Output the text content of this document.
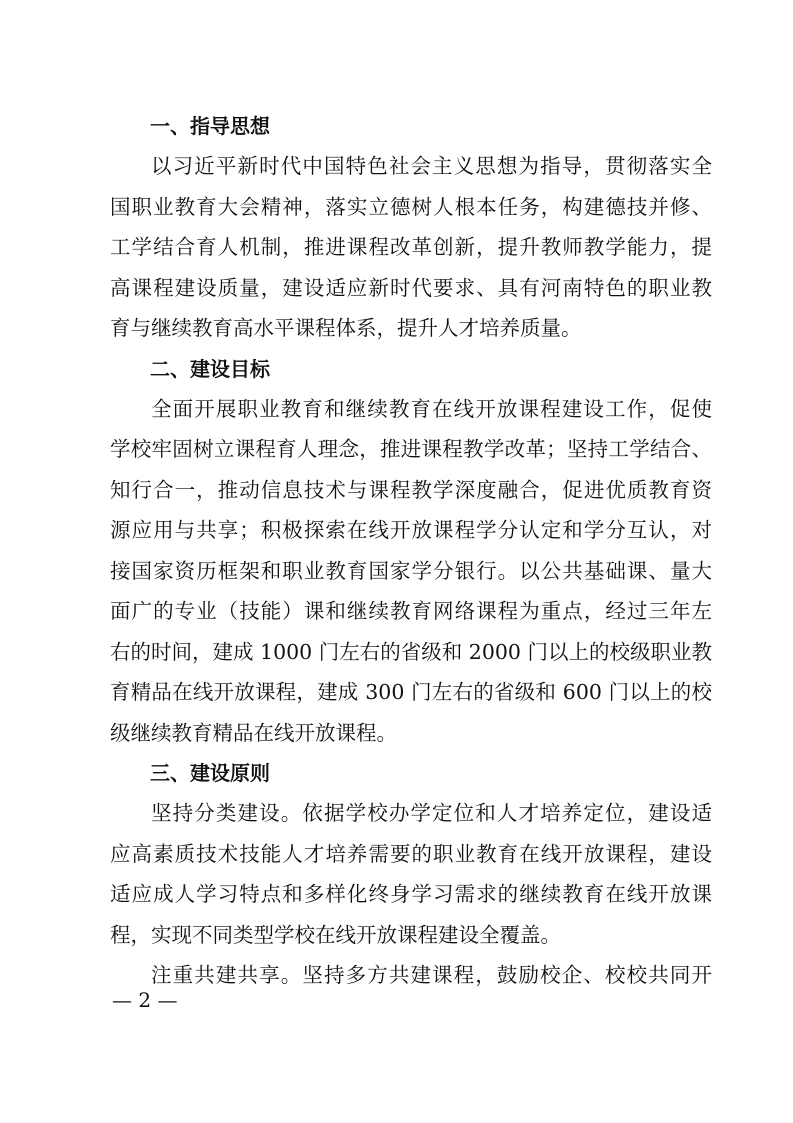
一、指导思想
以习近平新时代中国特色社会主义思想为指导，贯彻落实全
国职业教育大会精神，落实立德树人根本任务，构建德技并修、
工学结合育人机制，推进课程改革创新，提升教师教学能力，提
高课程建设质量，建设适应新时代要求、具有河南特色的职业教
育与继续教育高水平课程体系，提升人才培养质量。
二、建设目标
全面开展职业教育和继续教育在线开放课程建设工作，促使
学校牢固树立课程育人理念，推进课程教学改革；坚持工学结合、
知行合一，推动信息技术与课程教学深度融合，促进优质教育资
源应用与共享；积极探索在线开放课程学分认定和学分互认，对
接国家资历框架和职业教育国家学分银行。以公共基础课、量大
面广的专业（技能）课和继续教育网络课程为重点，经过三年左
右的时间，建成 1000 门左右的省级和 2000 门以上的校级职业教
育精品在线开放课程，建成 300 门左右的省级和 600 门以上的校
级继续教育精品在线开放课程。
三、建设原则
坚持分类建设。依据学校办学定位和人才培养定位，建设适
应高素质技术技能人才培养需要的职业教育在线开放课程，建设
适应成人学习特点和多样化终身学习需求的继续教育在线开放课
程，实现不同类型学校在线开放课程建设全覆盖。
注重共建共享。坚持多方共建课程，鼓励校企、校校共同开
— 2 —
